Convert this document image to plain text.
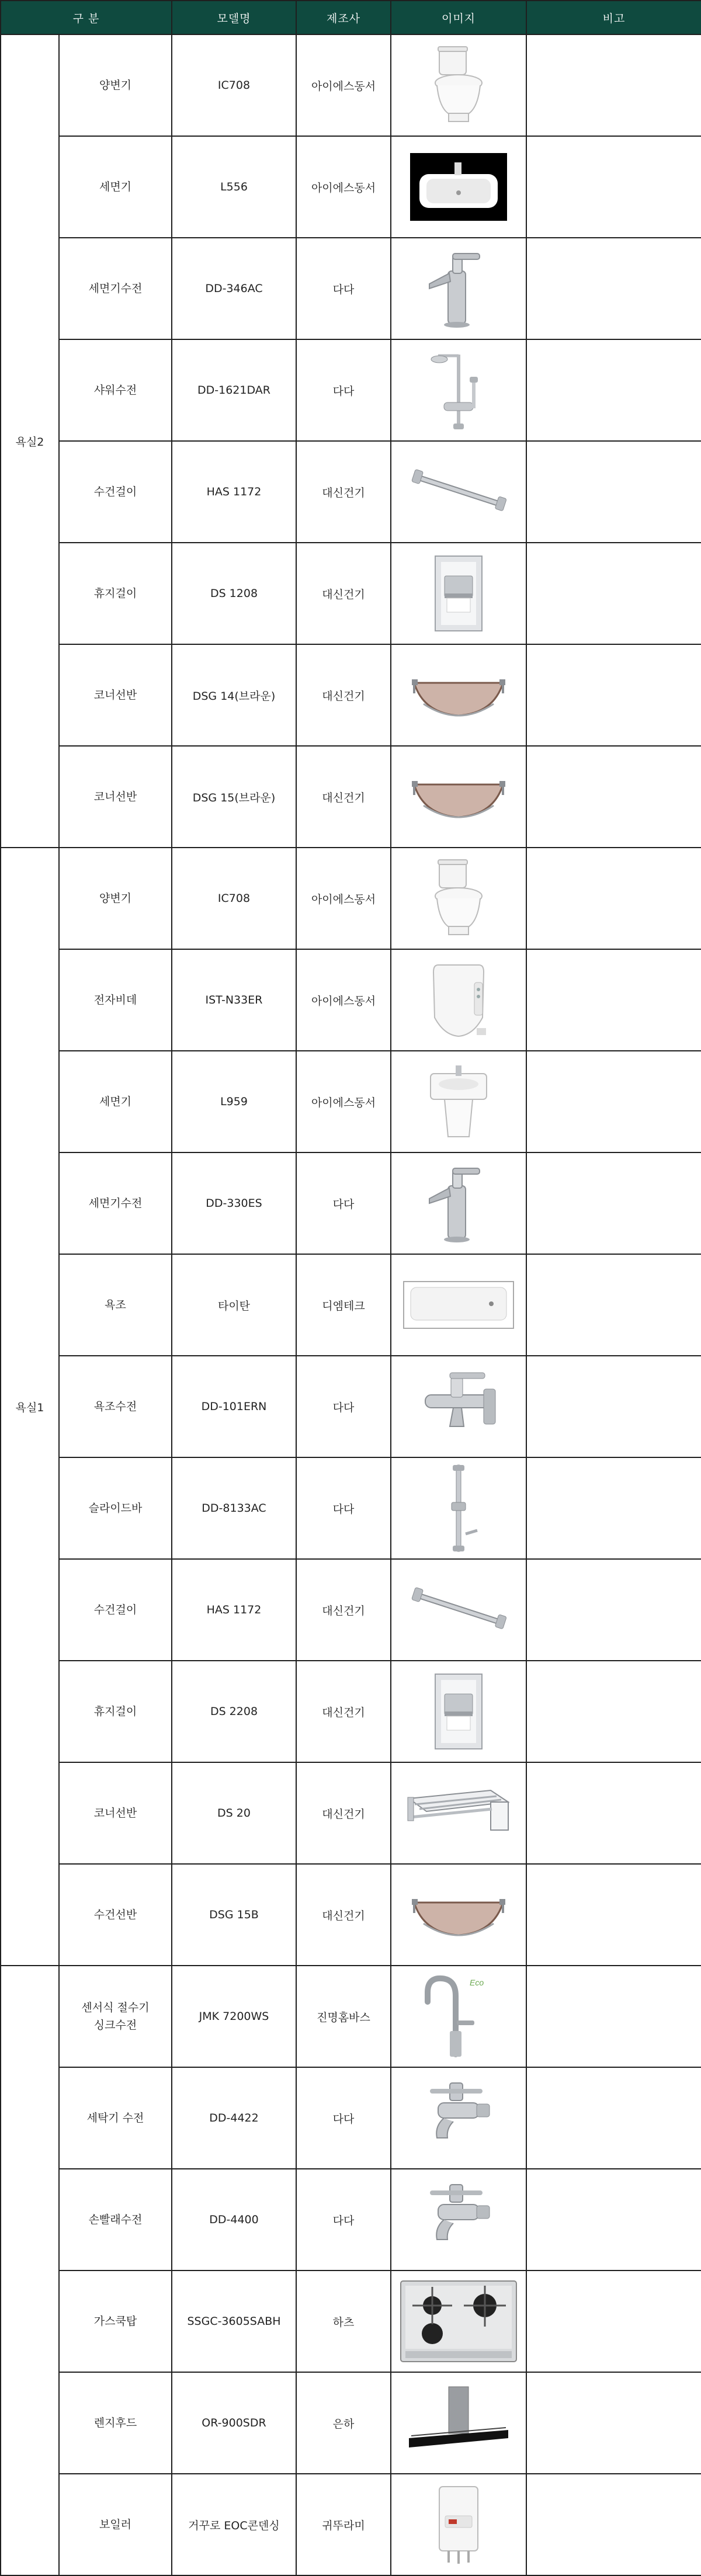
구 분		모델명	제조사	이미지	비고
욕실2	양변기	IC708	아이에스동서	

	세면기	L556	아이에스동서	

	세면기수전	DD-346AC	다다	

	샤워수전	DD-1621DAR	다다	

	수건걸이	HAS 1172	대신건기	

	휴지걸이	DS 1208	대신건기	

	코너선반	DSG 14(브라운)	대신건기	

	코너선반	DSG 15(브라운)	대신건기	

욕실1	양변기	IC708	아이에스동서	

	전자비데	IST-N33ER	아이에스동서	

	세면기	L959	아이에스동서	

	세면기수전	DD-330ES	다다	

	욕조	타이탄	디엠테크	

	욕조수전	DD-101ERN	다다	

	슬라이드바	DD-8133AC	다다	

	수건걸이	HAS 1172	대신건기	

	휴지걸이	DS 2208	대신건기	

	코너선반	DS 20	대신건기	

	수건선반	DSG 15B	대신건기	

	센서식 절수기
싱크수전	JMK 7200WS	진명홈바스	Eco	

	세탁기 수전	DD-4422	다다	

	손빨래수전	DD-4400	다다	

	가스쿡탑	SSGC-3605SABH	하츠	

	렌지후드	OR-900SDR	은하	

	보일러	거꾸로 EOC콘덴싱	귀뚜라미	
